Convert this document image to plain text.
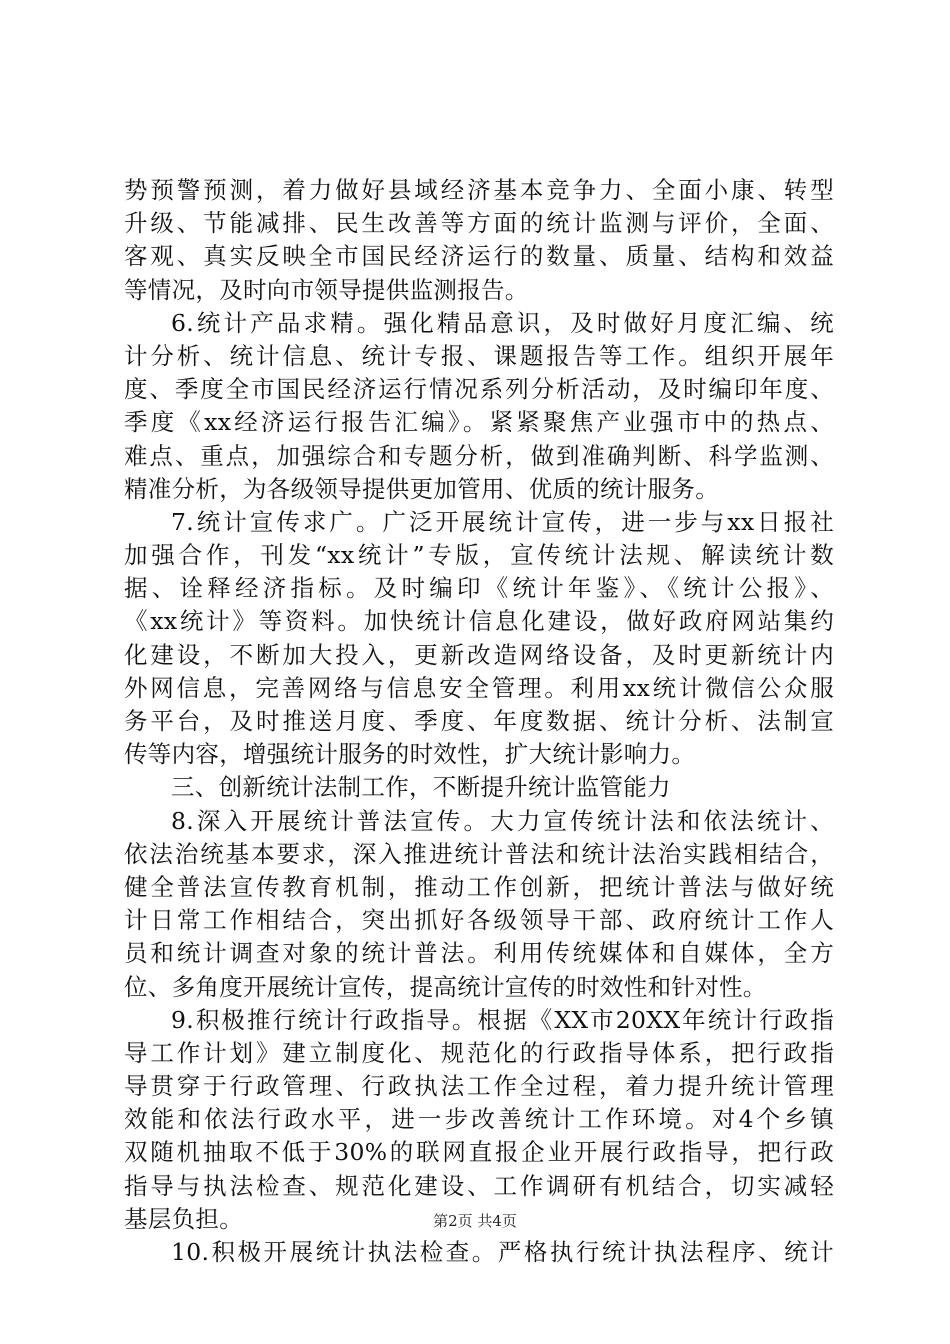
势预警预测，着力做好县域经济基本竞争力、全面小康、转型
升级、节能减排、民生改善等方面的统计监测与评价，全面、
客观、真实反映全市国民经济运行的数量、质量、结构和效益
等情况，及时向市领导提供监测报告。
6.统计产品求精。强化精品意识，及时做好月度汇编、统
计分析、统计信息、统计专报、课题报告等工作。组织开展年
度、季度全市国民经济运行情况系列分析活动，及时编印年度、
季度《xx经济运行报告汇编》。紧紧聚焦产业强市中的热点、
难点、重点，加强综合和专题分析，做到准确判断、科学监测、
精准分析，为各级领导提供更加管用、优质的统计服务。
7.统计宣传求广。广泛开展统计宣传，进一步与xx日报社
加强合作，刊发“xx统计”专版，宣传统计法规、解读统计数
据、诠释经济指标。及时编印《统计年鉴》、《统计公报》、
《xx统计》等资料。加快统计信息化建设，做好政府网站集约
化建设，不断加大投入，更新改造网络设备，及时更新统计内
外网信息，完善网络与信息安全管理。利用xx统计微信公众服
务平台，及时推送月度、季度、年度数据、统计分析、法制宣
传等内容，增强统计服务的时效性，扩大统计影响力。
三、创新统计法制工作，不断提升统计监管能力
8.深入开展统计普法宣传。大力宣传统计法和依法统计、
依法治统基本要求，深入推进统计普法和统计法治实践相结合，
健全普法宣传教育机制，推动工作创新，把统计普法与做好统
计日常工作相结合，突出抓好各级领导干部、政府统计工作人
员和统计调查对象的统计普法。利用传统媒体和自媒体，全方
位、多角度开展统计宣传，提高统计宣传的时效性和针对性。
9.积极推行统计行政指导。根据《XX市20XX年统计行政指
导工作计划》建立制度化、规范化的行政指导体系，把行政指
导贯穿于行政管理、行政执法工作全过程，着力提升统计管理
效能和依法行政水平，进一步改善统计工作环境。对4个乡镇
双随机抽取不低于30%的联网直报企业开展行政指导，把行政
指导与执法检查、规范化建设、工作调研有机结合，切实减轻
基层负担。
10.积极开展统计执法检查。严格执行统计执法程序、统计
第2页 共4页
